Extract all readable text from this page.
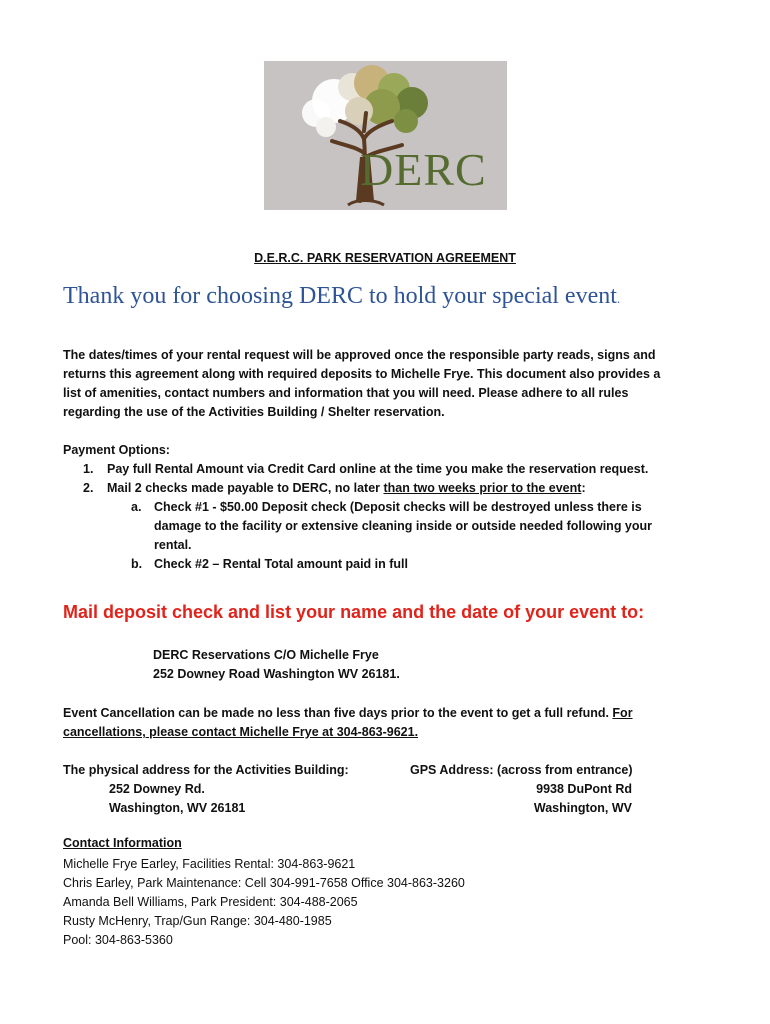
DERC
D.E.R.C. PARK RESERVATION AGREEMENT
Thank you for choosing DERC to hold your special event.
The dates/times of your rental request will be approved once the responsible party reads, signs and
returns this agreement along with required deposits to Michelle Frye. This document also provides a
list of amenities, contact numbers and information that you will need. Please adhere to all rules
regarding the use of the Activities Building / Shelter reservation.
Payment Options:
1. Pay full Rental Amount via Credit Card online at the time you make the reservation request.
2. Mail 2 checks made payable to DERC, no later than two weeks prior to the event:
a. Check #1 - $50.00 Deposit check (Deposit checks will be destroyed unless there is
damage to the facility or extensive cleaning inside or outside needed following your
rental.
b. Check #2 – Rental Total amount paid in full
Mail deposit check and list your name and the date of your event to:
DERC Reservations C/O Michelle Frye
252 Downey Road Washington WV 26181.
Event Cancellation can be made no less than five days prior to the event to get a full refund. For
cancellations, please contact Michelle Frye at 304-863-9621.
The physical address for the Activities Building:
252 Downey Rd.
Washington, WV 26181
GPS Address: (across from entrance)
9938 DuPont Rd
Washington, WV
Contact Information
Michelle Frye Earley, Facilities Rental: 304-863-9621
Chris Earley, Park Maintenance: Cell 304-991-7658 Office 304-863-3260
Amanda Bell Williams, Park President: 304-488-2065
Rusty McHenry, Trap/Gun Range: 304-480-1985
Pool: 304-863-5360
